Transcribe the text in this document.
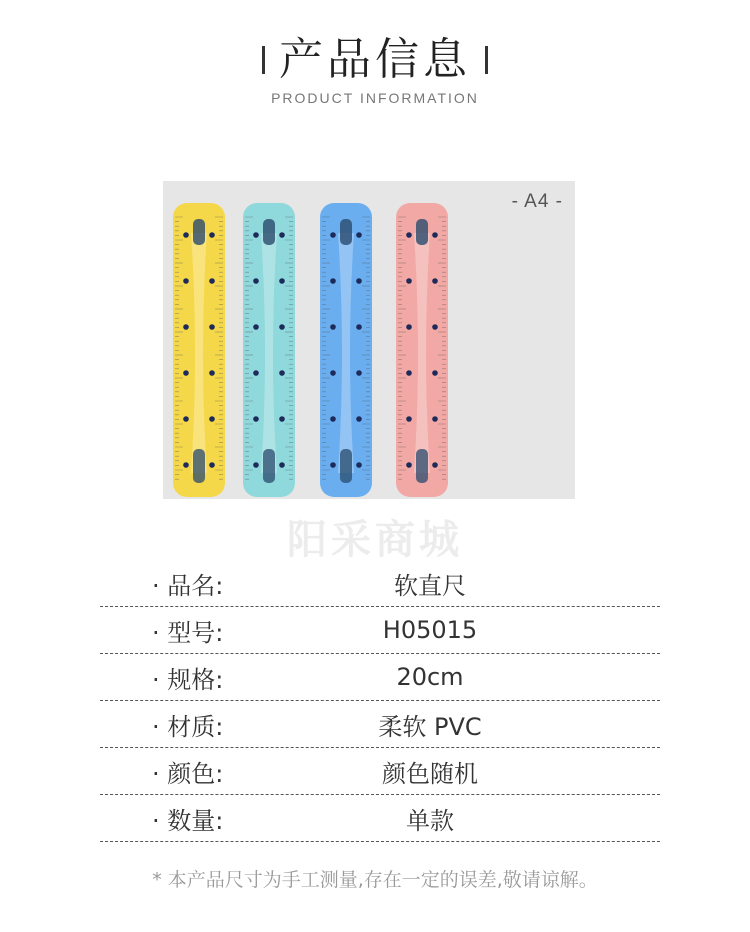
产品信息
PRODUCT INFORMATION
- A4 -
阳采商城
· 品名:	软直尺
· 型号:	H05015
· 规格:	20cm
· 材质:	柔软 PVC
· 颜色:	颜色随机
· 数量:	单款
* 本产品尺寸为手工测量,存在一定的误差,敬请谅解。
